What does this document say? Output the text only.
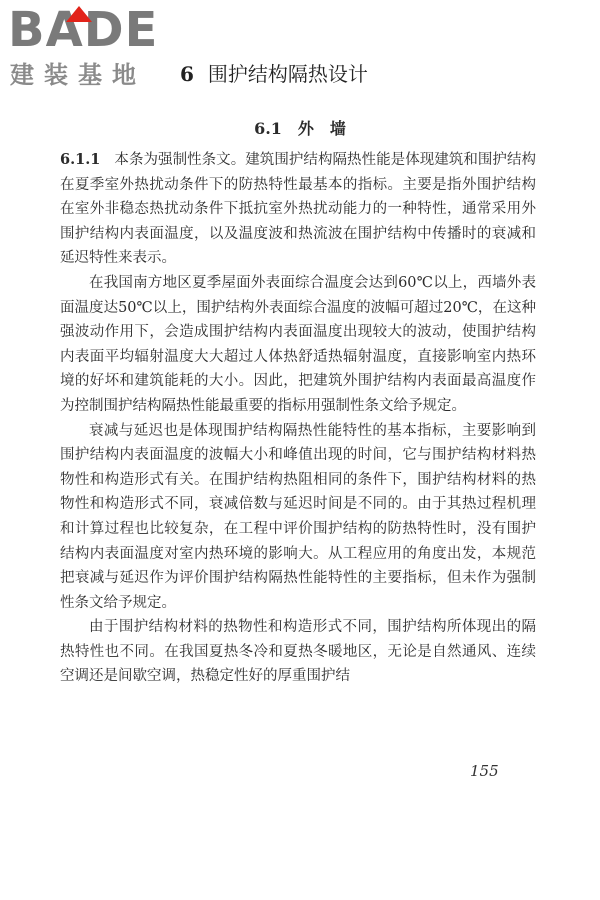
BADE
建装基地 6 围护结构隔热设计
6.1 外　墙

6.1.1 本条为强制性条文。建筑围护结构隔热性能是体现建筑和围护结构在夏季室外热扰动条件下的防热特性最基本的指标。主要是指外围护结构在室外非稳态热扰动条件下抵抗室外热扰动能力的一种特性，通常采用外围护结构内表面温度，以及温度波和热流波在围护结构中传播时的衰减和延迟特性来表示。

在我国南方地区夏季屋面外表面综合温度会达到60℃以上，西墙外表面温度达50℃以上，围护结构外表面综合温度的波幅可超过20℃，在这种强波动作用下，会造成围护结构内表面温度出现较大的波动，使围护结构内表面平均辐射温度大大超过人体热舒适热辐射温度，直接影响室内热环境的好坏和建筑能耗的大小。因此，把建筑外围护结构内表面最高温度作为控制围护结构隔热性能最重要的指标用强制性条文给予规定。

衰减与延迟也是体现围护结构隔热性能特性的基本指标，主要影响到围护结构内表面温度的波幅大小和峰值出现的时间，它与围护结构材料热物性和构造形式有关。在围护结构热阻相同的条件下，围护结构材料的热物性和构造形式不同，衰减倍数与延迟时间是不同的。由于其热过程机理和计算过程也比较复杂，在工程中评价围护结构的防热特性时，没有围护结构内表面温度对室内热环境的影响大。从工程应用的角度出发，本规范把衰减与延迟作为评价围护结构隔热性能特性的主要指标，但未作为强制性条文给予规定。

由于围护结构材料的热物性和构造形式不同，围护结构所体现出的隔热特性也不同。在我国夏热冬冷和夏热冬暖地区，无论是自然通风、连续空调还是间歇空调，热稳定性好的厚重围护结

155
